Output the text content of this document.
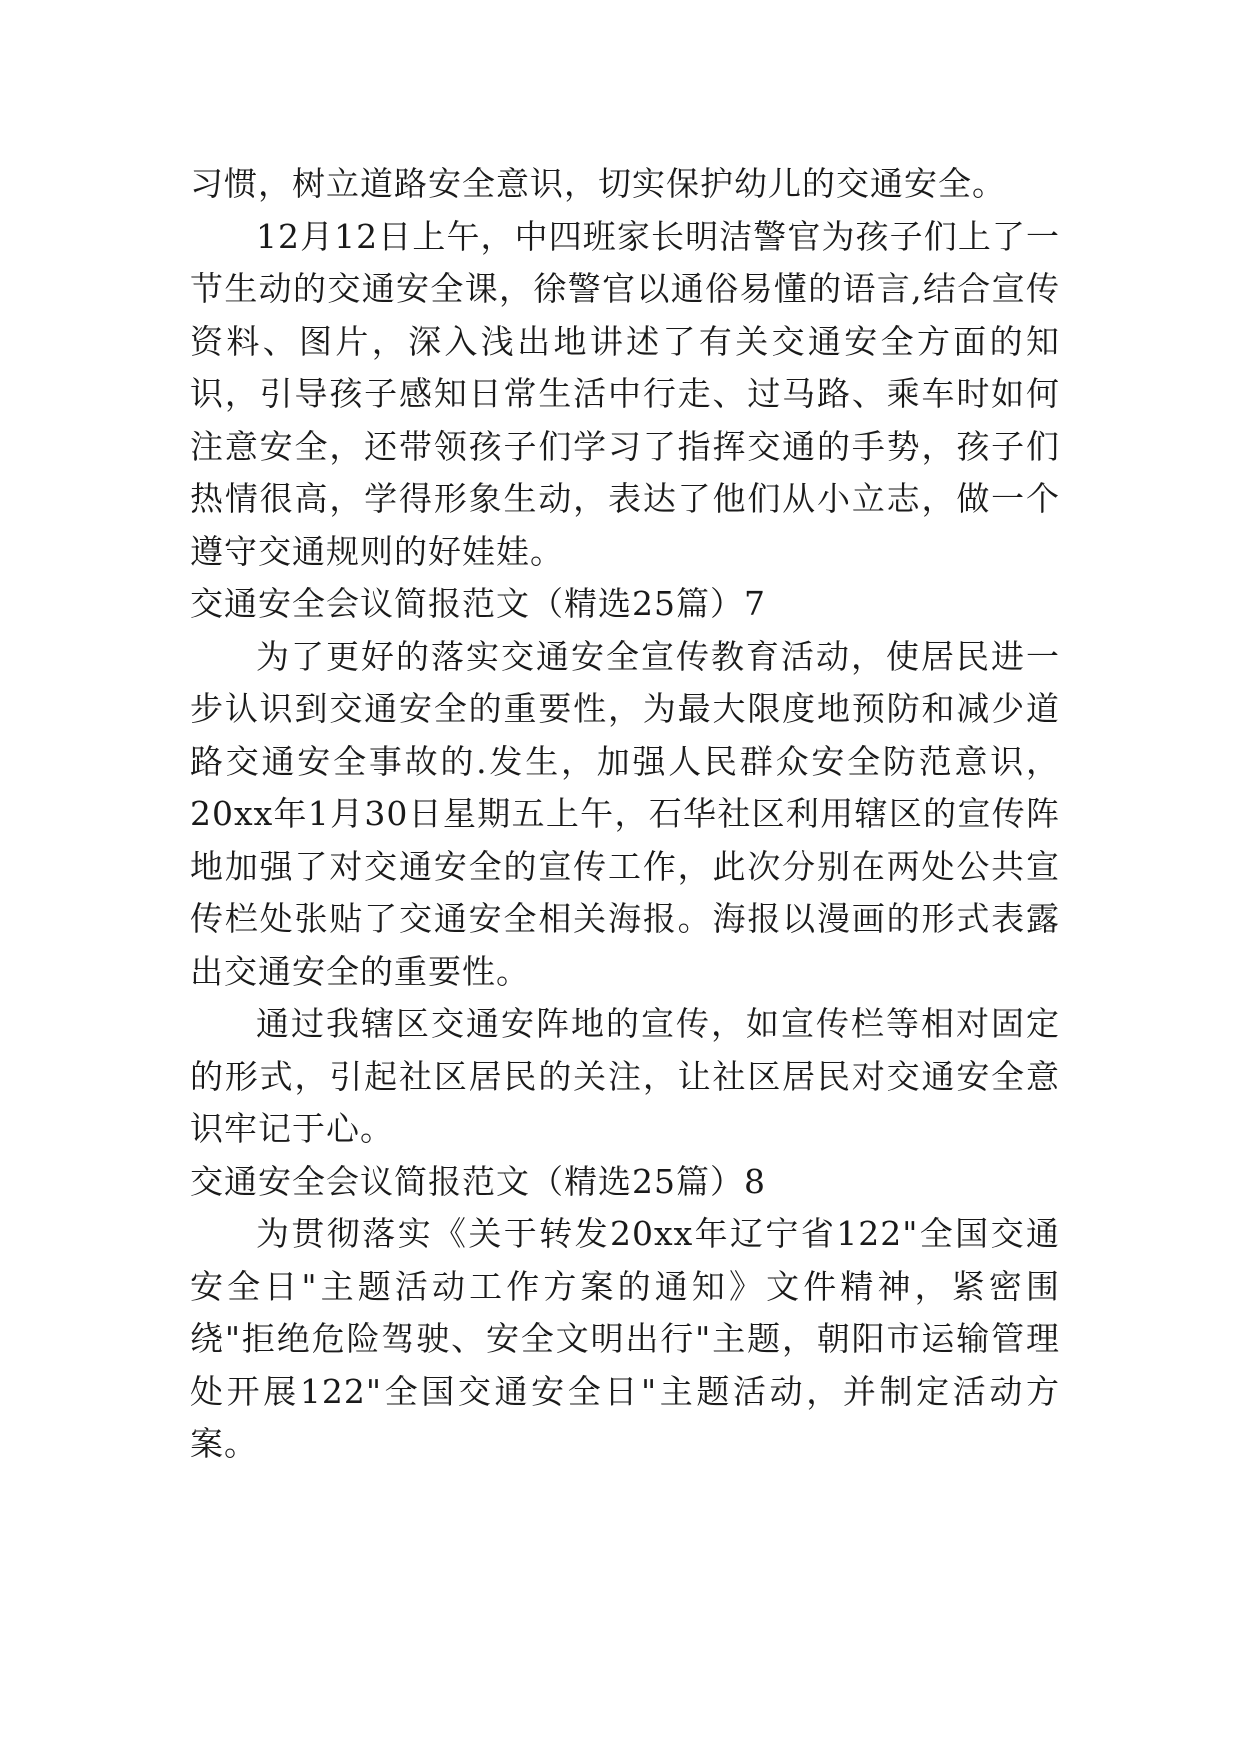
习惯，树立道路安全意识，切实保护幼儿的交通安全。

12月12日上午，中四班家长明洁警官为孩子们上了一节生动的交通安全课，徐警官以通俗易懂的语言,结合宣传资料、图片，深入浅出地讲述了有关交通安全方面的知识，引导孩子感知日常生活中行走、过马路、乘车时如何注意安全，还带领孩子们学习了指挥交通的手势，孩子们热情很高，学得形象生动，表达了他们从小立志，做一个遵守交通规则的好娃娃。

交通安全会议简报范文（精选25篇）7

为了更好的落实交通安全宣传教育活动，使居民进一步认识到交通安全的重要性，为最大限度地预防和减少道路交通安全事故的.发生，加强人民群众安全防范意识，20xx年1月30日星期五上午，石华社区利用辖区的宣传阵地加强了对交通安全的宣传工作，此次分别在两处公共宣传栏处张贴了交通安全相关海报。海报以漫画的形式表露出交通安全的重要性。

通过我辖区交通安阵地的宣传，如宣传栏等相对固定的形式，引起社区居民的关注，让社区居民对交通安全意识牢记于心。

交通安全会议简报范文（精选25篇）8

为贯彻落实《关于转发20xx年辽宁省122"全国交通安全日"主题活动工作方案的通知》文件精神，紧密围绕"拒绝危险驾驶、安全文明出行"主题，朝阳市运输管理处开展122"全国交通安全日"主题活动，并制定活动方案。
